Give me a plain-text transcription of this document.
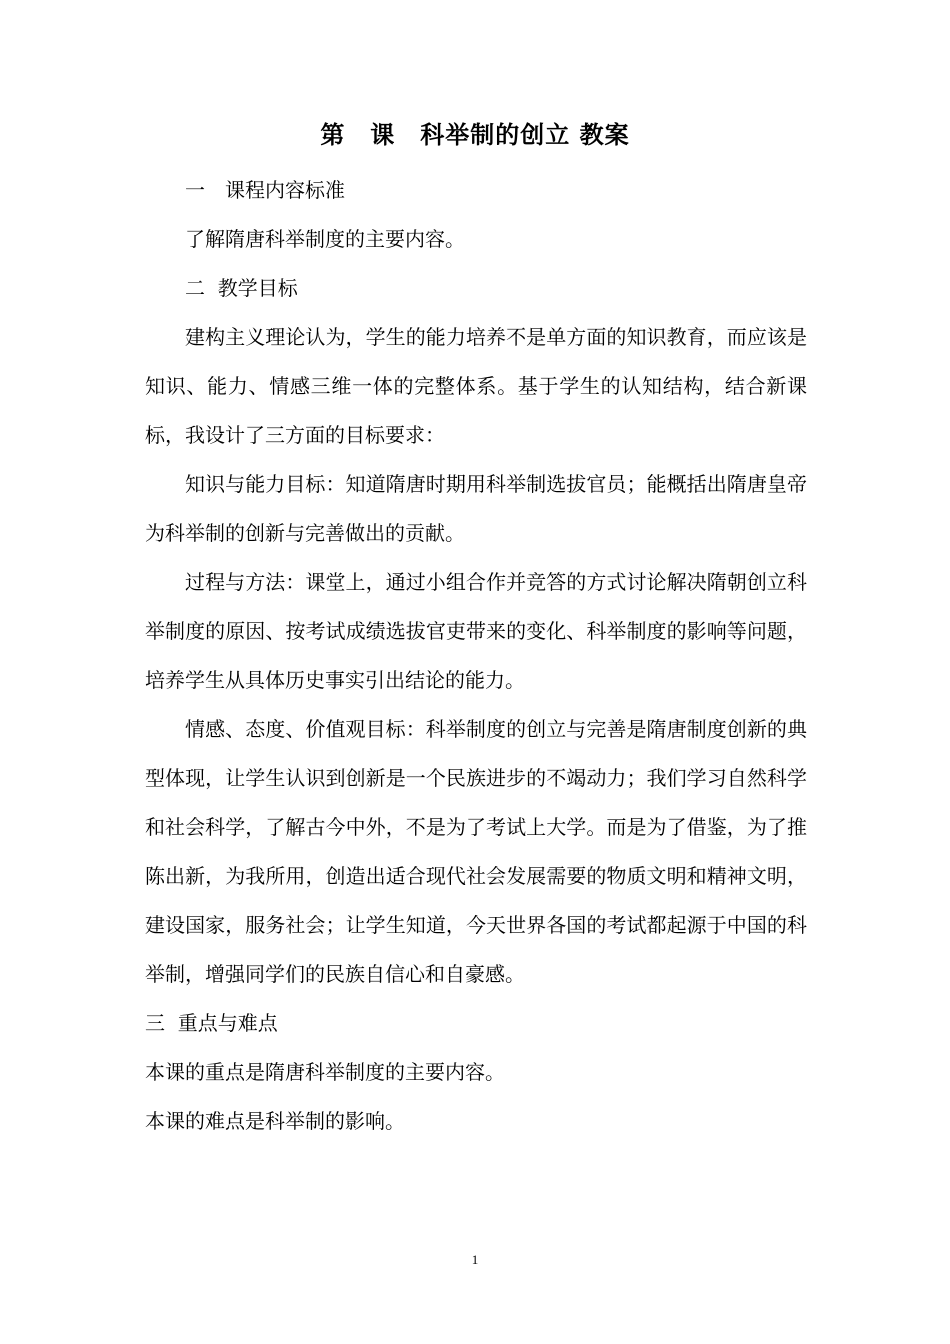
第　课　科举制的创立 教案

一　课程内容标准

了解隋唐科举制度的主要内容。

二  教学目标

建构主义理论认为，学生的能力培养不是单方面的知识教育，而应该是知识、能力、情感三维一体的完整体系。基于学生的认知结构，结合新课标，我设计了三方面的目标要求：

知识与能力目标：知道隋唐时期用科举制选拔官员；能概括出隋唐皇帝为科举制的创新与完善做出的贡献。

过程与方法：课堂上，通过小组合作并竞答的方式讨论解决隋朝创立科举制度的原因、按考试成绩选拔官吏带来的变化、科举制度的影响等问题，培养学生从具体历史事实引出结论的能力。

情感、态度、价值观目标：科举制度的创立与完善是隋唐制度创新的典型体现，让学生认识到创新是一个民族进步的不竭动力；我们学习自然科学和社会科学，了解古今中外，不是为了考试上大学。而是为了借鉴，为了推陈出新，为我所用，创造出适合现代社会发展需要的物质文明和精神文明，建设国家，服务社会；让学生知道，今天世界各国的考试都起源于中国的科举制，增强同学们的民族自信心和自豪感。

三  重点与难点

本课的重点是隋唐科举制度的主要内容。

本课的难点是科举制的影响。

1
